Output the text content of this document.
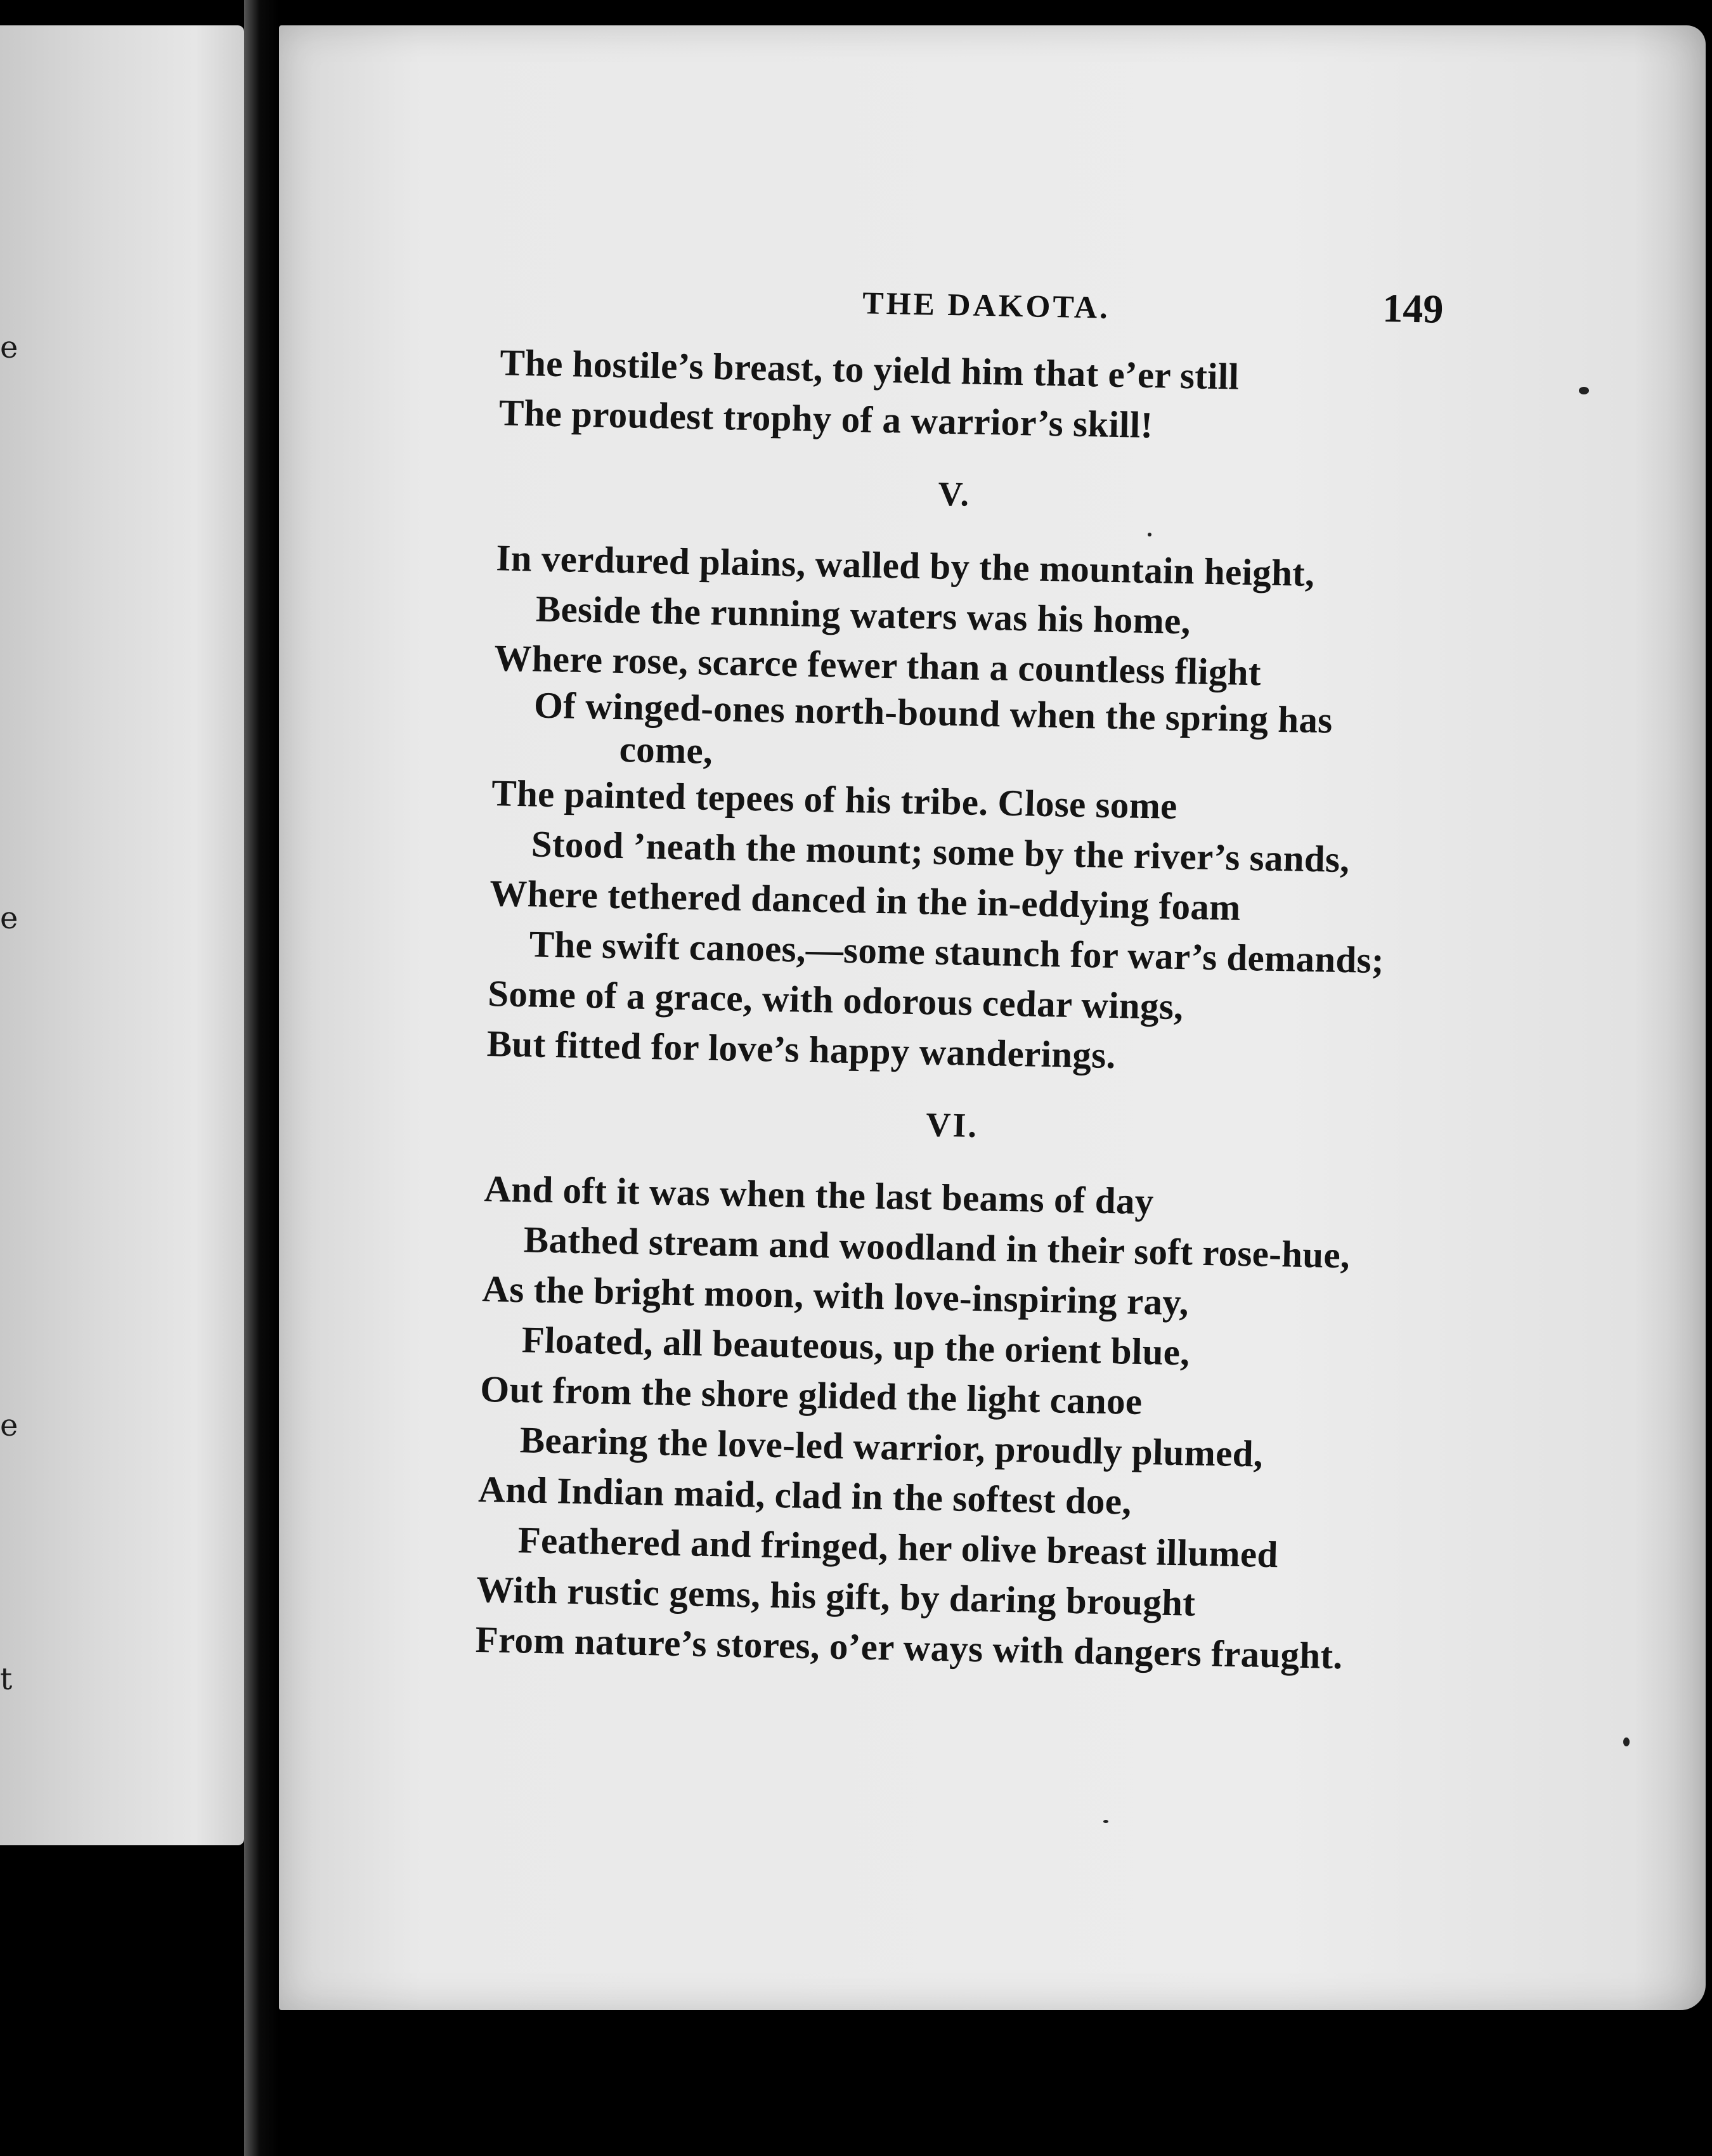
e
e
e
t
THE DAKOTA.	149
The hostile’s breast, to yield him that e’er still
The proudest trophy of a warrior’s skill!
V.
In verdured plains, walled by the mountain height,
Beside the running waters was his home,
Where rose, scarce fewer than a countless flight
Of winged-ones north-bound when the spring has
come,
The painted tepees of his tribe. Close some
Stood ’neath the mount; some by the river’s sands,
Where tethered danced in the in-eddying foam
The swift canoes,—some staunch for war’s demands;
Some of a grace, with odorous cedar wings,
But fitted for love’s happy wanderings.
VI.
And oft it was when the last beams of day
Bathed stream and woodland in their soft rose-hue,
As the bright moon, with love-inspiring ray,
Floated, all beauteous, up the orient blue,
Out from the shore glided the light canoe
Bearing the love-led warrior, proudly plumed,
And Indian maid, clad in the softest doe,
Feathered and fringed, her olive breast illumed
With rustic gems, his gift, by daring brought
From nature’s stores, o’er ways with dangers fraught.
